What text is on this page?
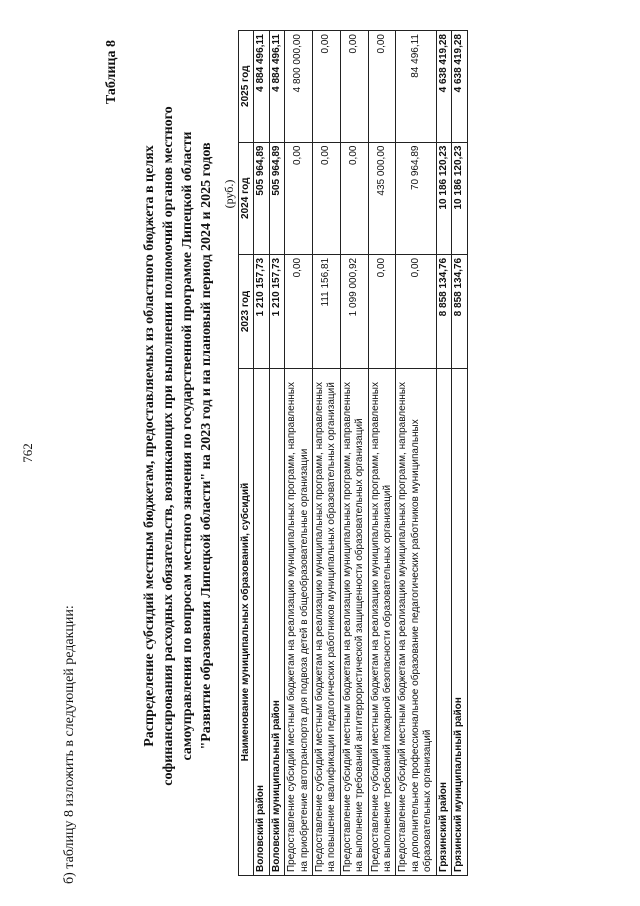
762
б) таблицу 8 изложить в следующей редакции:
Таблица 8
Распределение субсидий местным бюджетам, предоставляемых из областного бюджета в целях софинансирования расходных обязательств, возникающих при выполнении полномочий органов местного самоуправления по вопросам местного значения по государственной программе Липецкой области "Развитие образования Липецкой области" на 2023 год и на плановый период 2024 и 2025 годов (руб.)
Наименование муниципальных образований, субсидий	2023 год	2024 год	2025 год
Воловский район	1 210 157,73	505 964,89	4 884 496,11
Воловский муниципальный район	1 210 157,73	505 964,89	4 884 496,11
Предоставление субсидий местным бюджетам на реализацию муниципальных программ, направленных на приобретение автотранспорта для подвоза детей в общеобразовательные организации	0,00	0,00	4 800 000,00
Предоставление субсидий местным бюджетам на реализацию муниципальных программ, направленных на повышение квалификации педагогических работников муниципальных образовательных организаций	111 156,81	0,00	0,00
Предоставление субсидий местным бюджетам на реализацию муниципальных программ, направленных на выполнение требований антитеррористической защищенности образовательных организаций	1 099 000,92	0,00	0,00
Предоставление субсидий местным бюджетам на реализацию муниципальных программ, направленных на выполнение требований пожарной безопасности образовательных организаций	0,00	435 000,00	0,00
Предоставление субсидий местным бюджетам на реализацию муниципальных программ, направленных на дополнительное профессиональное образование педагогических работников муниципальных образовательных организаций	0,00	70 964,89	84 496,11
Грязинский район	8 858 134,76	10 186 120,23	4 638 419,28
Грязинский муниципальный район	8 858 134,76	10 186 120,23	4 638 419,28
